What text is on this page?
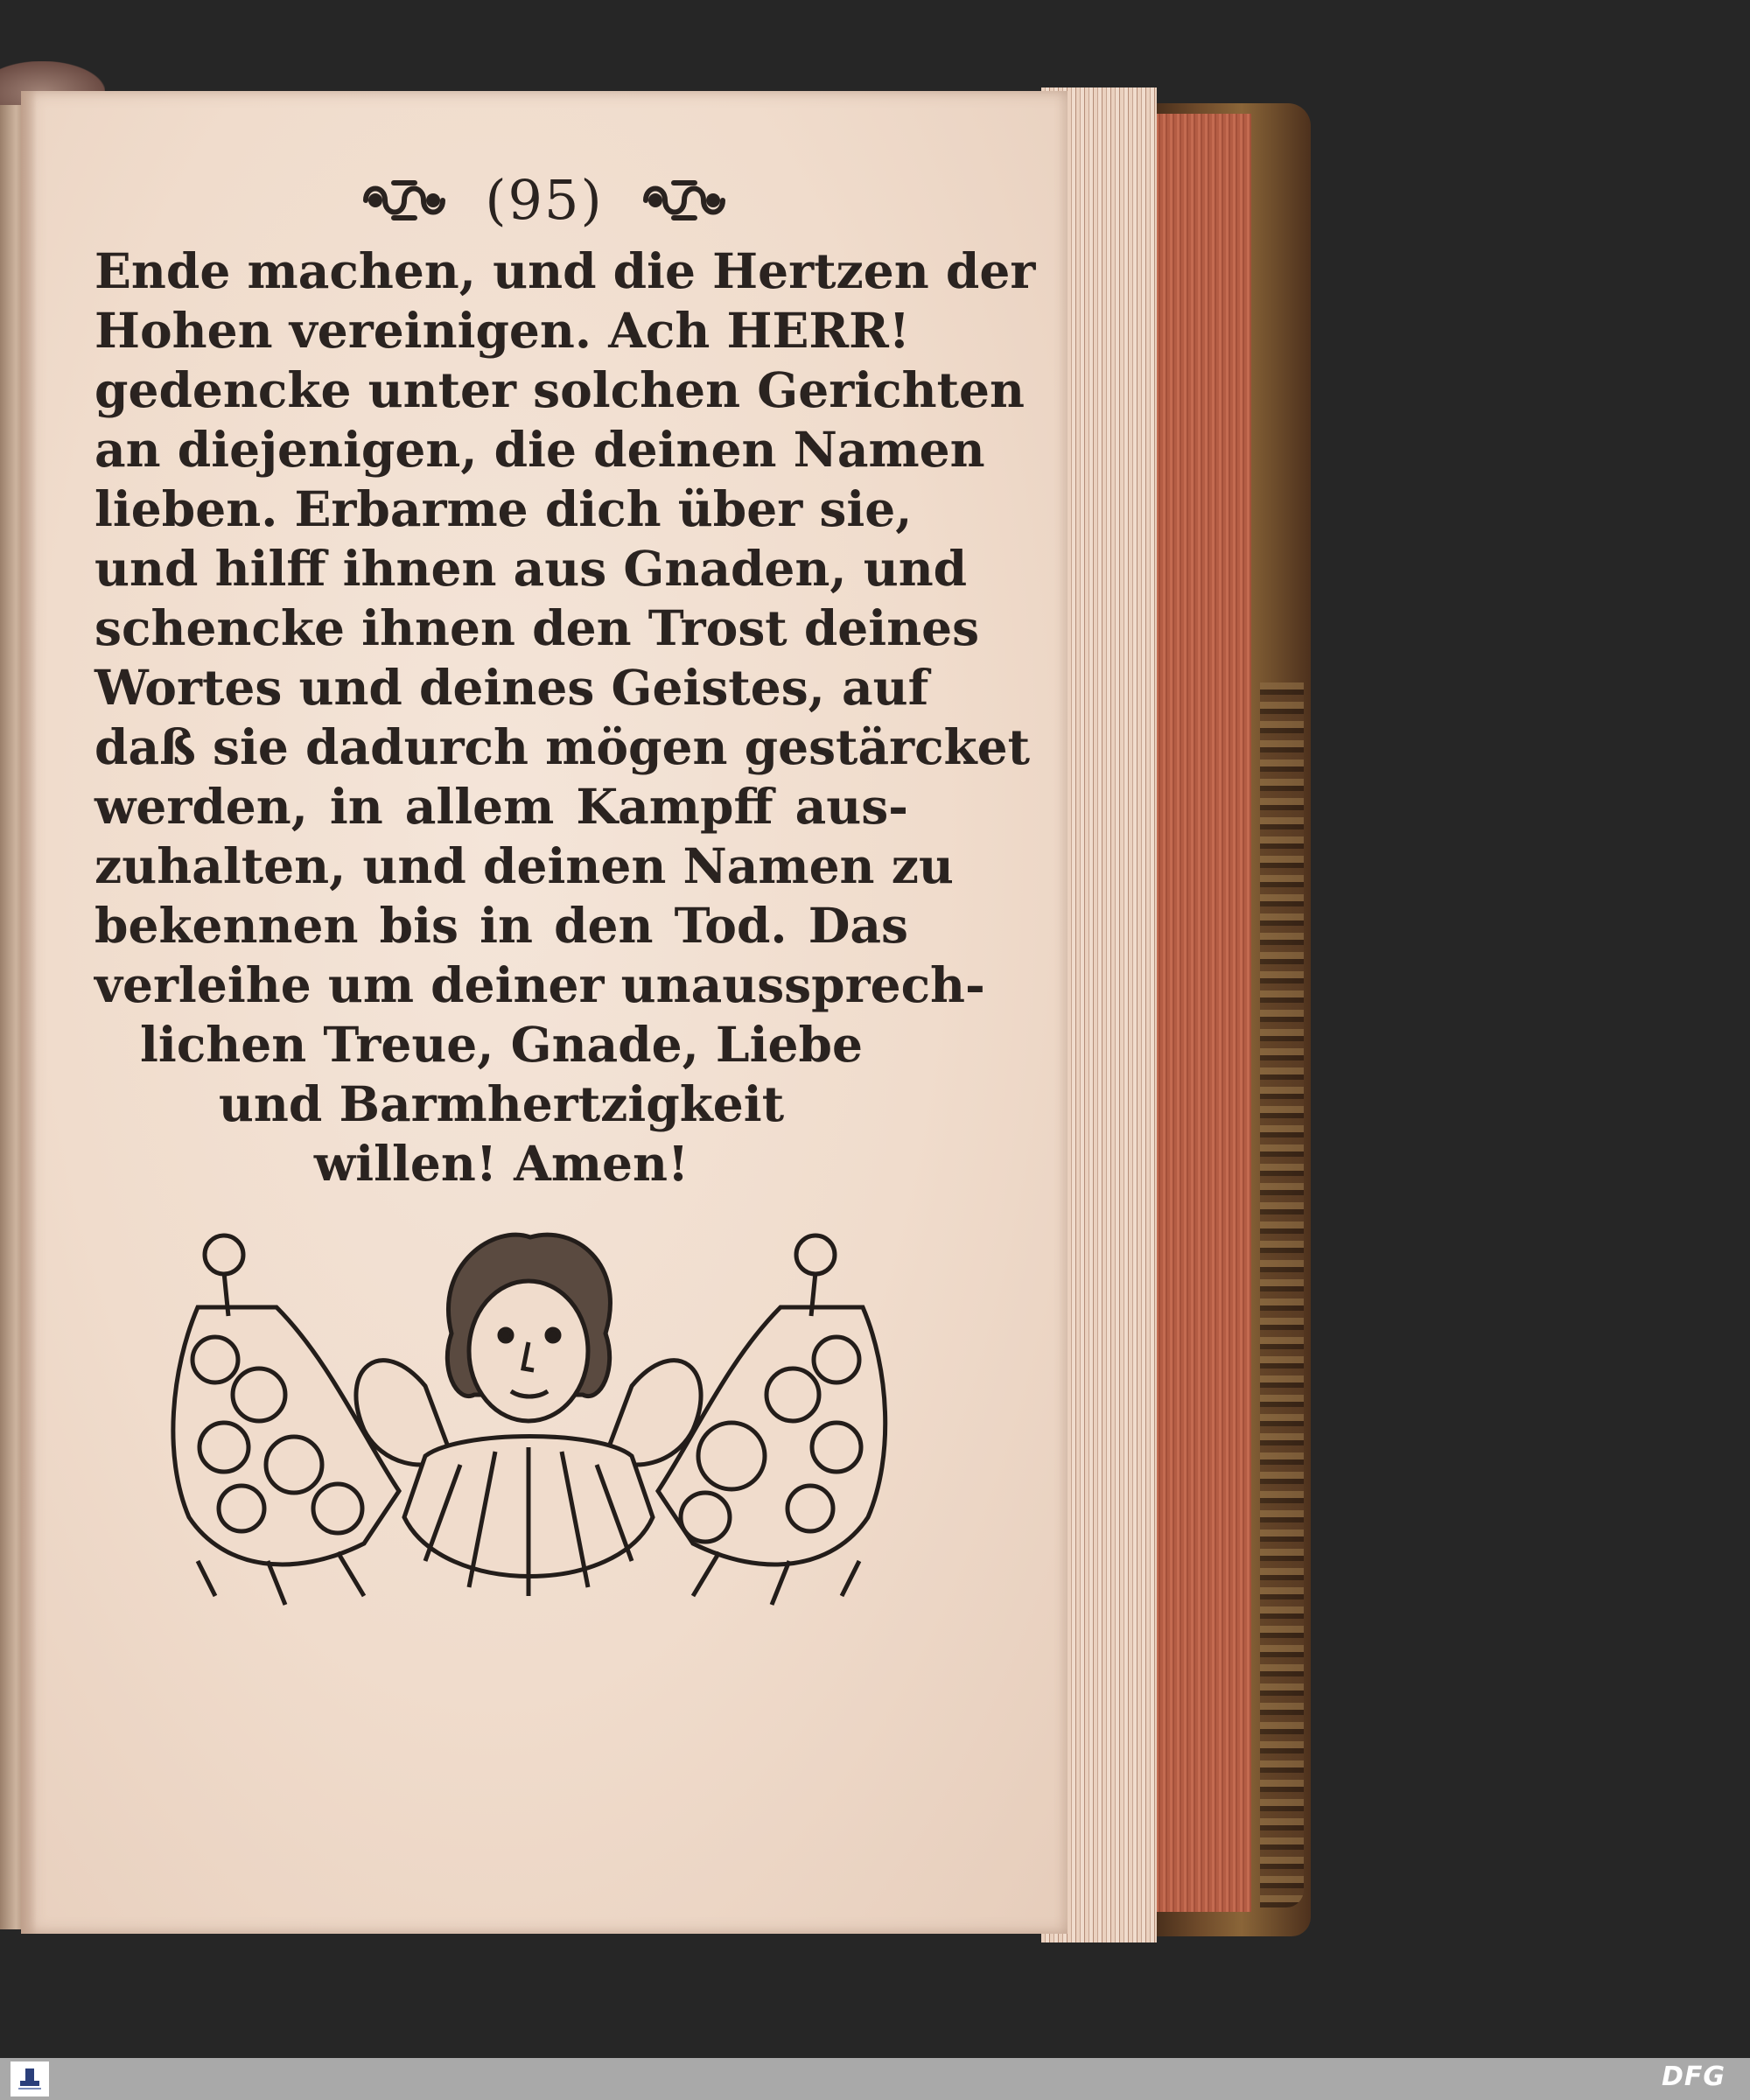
(95)
Ende machen, und die Hertzen der
Hohen vereinigen. Ach HERR!
gedencke unter solchen Gerichten
an diejenigen, die deinen Namen
lieben. Erbarme dich über sie,
und hilff ihnen aus Gnaden, und
schencke ihnen den Trost deines
Wortes und deines Geistes, auf
daß sie dadurch mögen gestärcket
werden, in allem Kampff aus-
zuhalten, und deinen Namen zu
bekennen bis in den Tod. Das
verleihe um deiner unaussprech-
lichen Treue, Gnade, Liebe
und Barmhertzigkeit
willen! Amen!
DFG
